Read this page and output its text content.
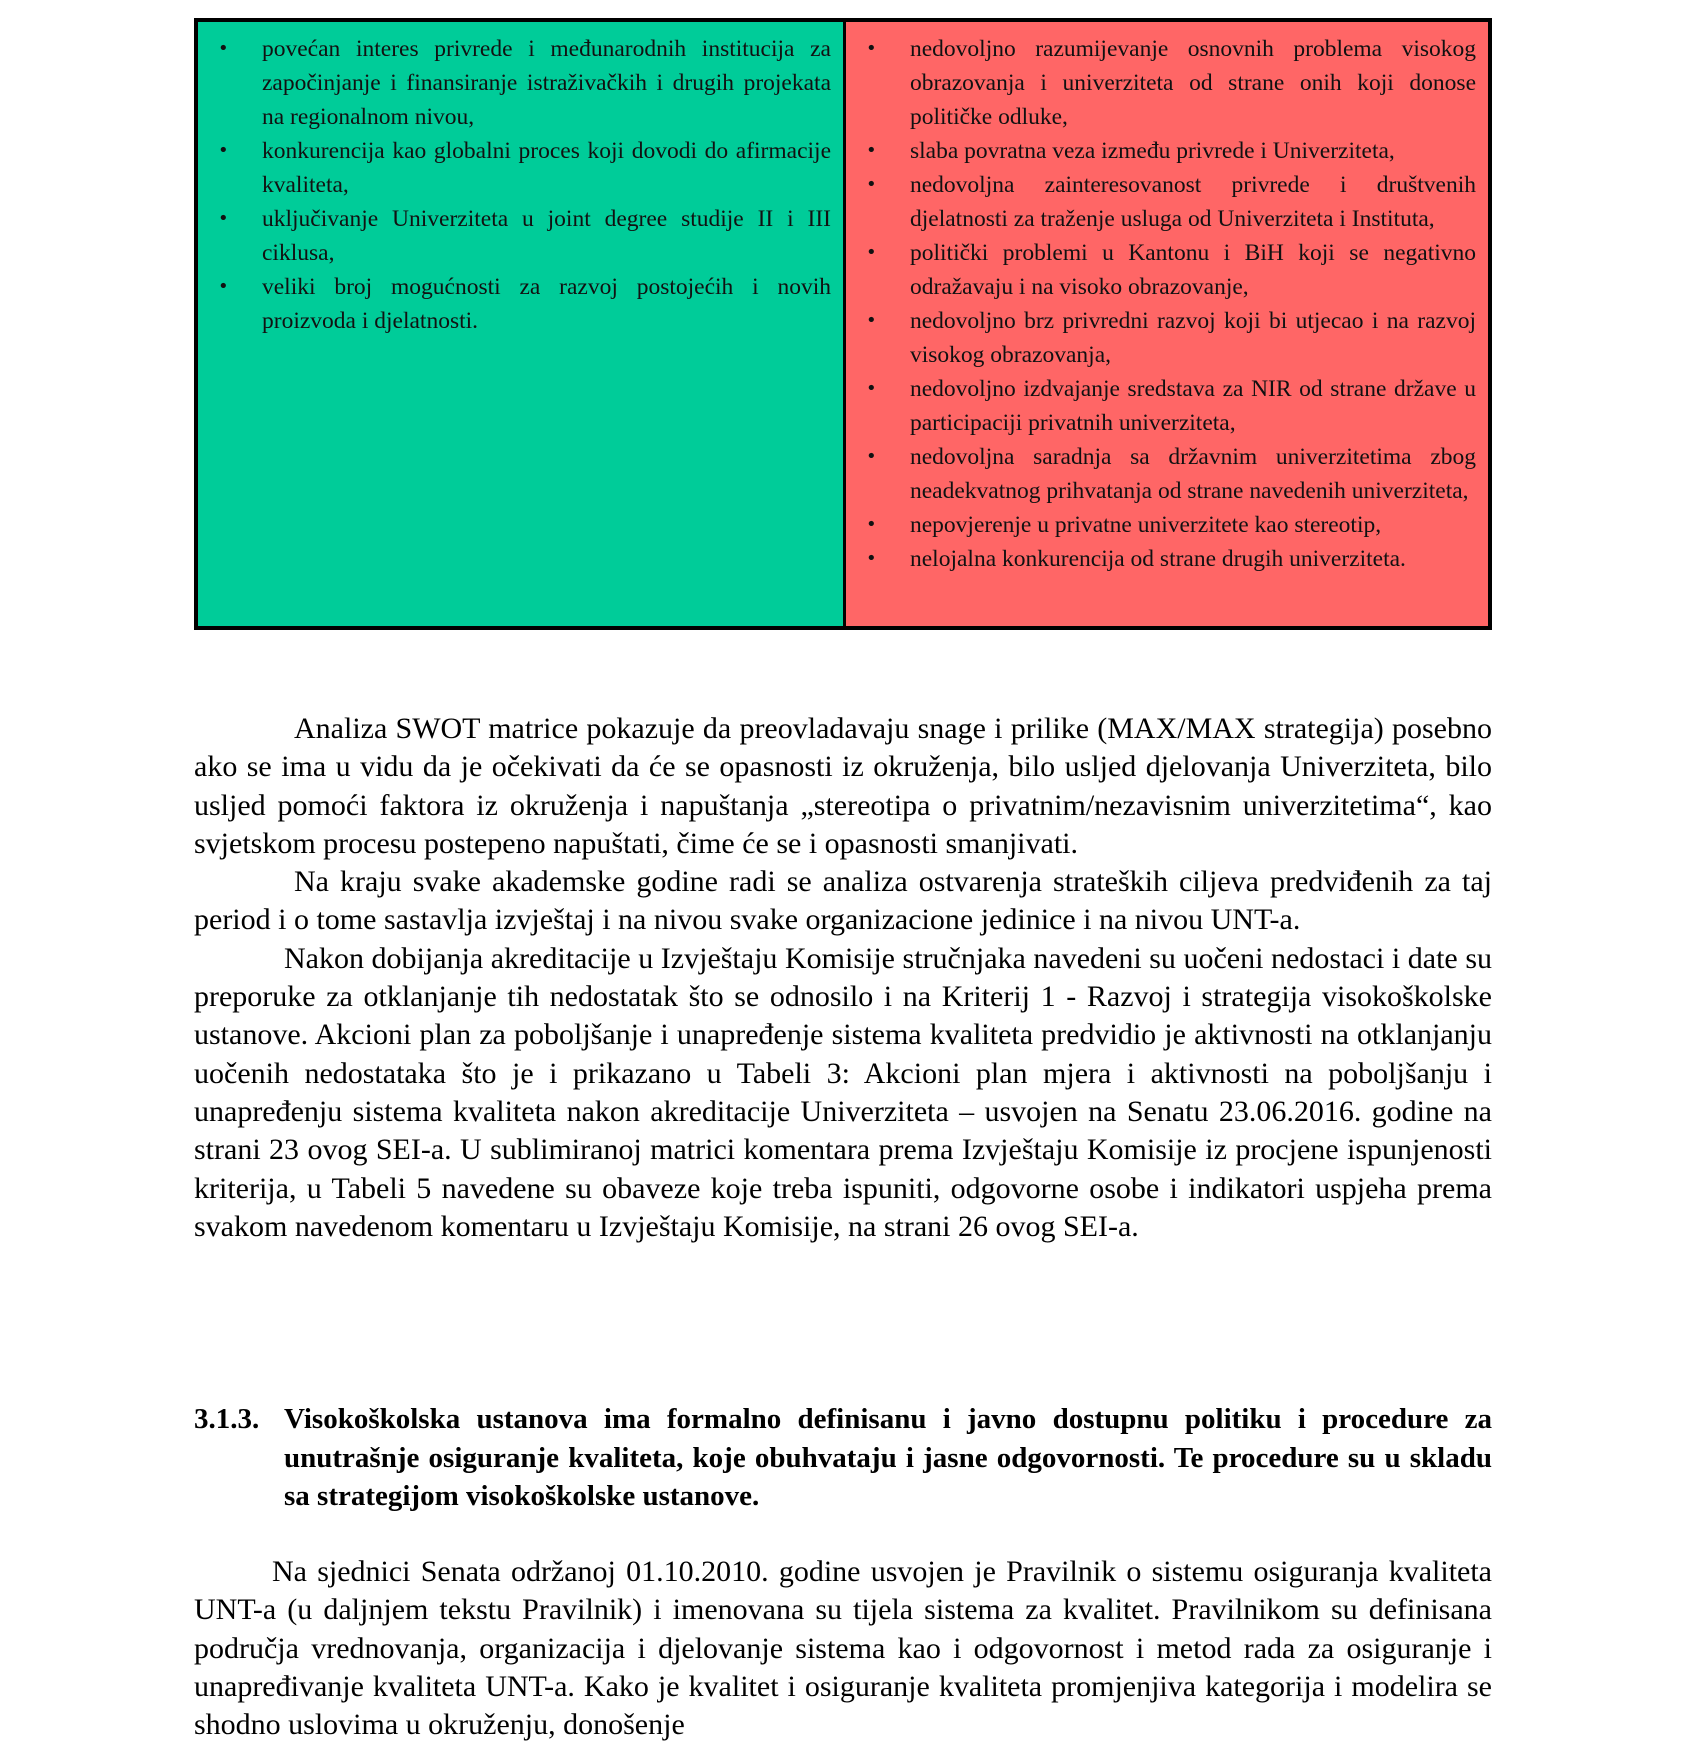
• povećan interes privrede i međunarodnih institucija za započinjanje i finansiranje istraživačkih i drugih projekata na regionalnom nivou,
• konkurencija kao globalni proces koji dovodi do afirmacije kvaliteta,
• uključivanje Univerziteta u joint degree studije II i III ciklusa,
• veliki broj mogućnosti za razvoj postojećih i novih proizvoda i djelatnosti.
• nedovoljno razumijevanje osnovnih problema visokog obrazovanja i univerziteta od strane onih koji donose političke odluke,
• slaba povratna veza između privrede i Univerziteta,
• nedovoljna zainteresovanost privrede i društvenih djelatnosti za traženje usluga od Univerziteta i Instituta,
• politički problemi u Kantonu i BiH koji se negativno odražavaju i na visoko obrazovanje,
• nedovoljno brz privredni razvoj koji bi utjecao i na razvoj visokog obrazovanja,
• nedovoljno izdvajanje sredstava za NIR od strane države u participaciji privatnih univerziteta,
• nedovoljna saradnja sa državnim univerzitetima zbog neadekvatnog prihvatanja od strane navedenih univerziteta,
• nepovjerenje u privatne univerzitete kao stereotip,
• nelojalna konkurencija od strane drugih univerziteta.

Analiza SWOT matrice pokazuje da preovladavaju snage i prilike (MAX/MAX strategija) posebno ako se ima u vidu da je očekivati da će se opasnosti iz okruženja, bilo usljed djelovanja Univerziteta, bilo usljed pomoći faktora iz okruženja i napuštanja „stereotipa o privatnim/nezavisnim univerzitetima“, kao svjetskom procesu postepeno napuštati, čime će se i opasnosti smanjivati.

Na kraju svake akademske godine radi se analiza ostvarenja strateških ciljeva predviđenih za taj period i o tome sastavlja izvještaj i na nivou svake organizacione jedinice i na nivou UNT-a.

Nakon dobijanja akreditacije u Izvještaju Komisije stručnjaka navedeni su uočeni nedostaci i date su preporuke za otklanjanje tih nedostatak što se odnosilo i na Kriterij 1 - Razvoj i strategija visokoškolske ustanove. Akcioni plan za poboljšanje i unapređenje sistema kvaliteta predvidio je aktivnosti na otklanjanju uočenih nedostataka što je i prikazano u Tabeli 3: Akcioni plan mjera i aktivnosti na poboljšanju i unapređenju sistema kvaliteta nakon akreditacije Univerziteta – usvojen na Senatu 23.06.2016. godine na strani 23 ovog SEI-a. U sublimiranoj matrici komentara prema Izvještaju Komisije iz procjene ispunjenosti kriterija, u Tabeli 5 navedene su obaveze koje treba ispuniti, odgovorne osobe i indikatori uspjeha prema svakom navedenom komentaru u Izvještaju Komisije, na strani 26 ovog SEI-a.

3.1.3. Visokoškolska ustanova ima formalno definisanu i javno dostupnu politiku i procedure za unutrašnje osiguranje kvaliteta, koje obuhvataju i jasne odgovornosti. Te procedure su u skladu sa strategijom visokoškolske ustanove.

Na sjednici Senata održanoj 01.10.2010. godine usvojen je Pravilnik o sistemu osiguranja kvaliteta UNT-a (u daljnjem tekstu Pravilnik) i imenovana su tijela sistema za kvalitet. Pravilnikom su definisana područja vrednovanja, organizacija i djelovanje sistema kao i odgovornost i metod rada za osiguranje i unapređivanje kvaliteta UNT-a. Kako je kvalitet i osiguranje kvaliteta promjenjiva kategorija i modelira se shodno uslovima u okruženju, donošenje
